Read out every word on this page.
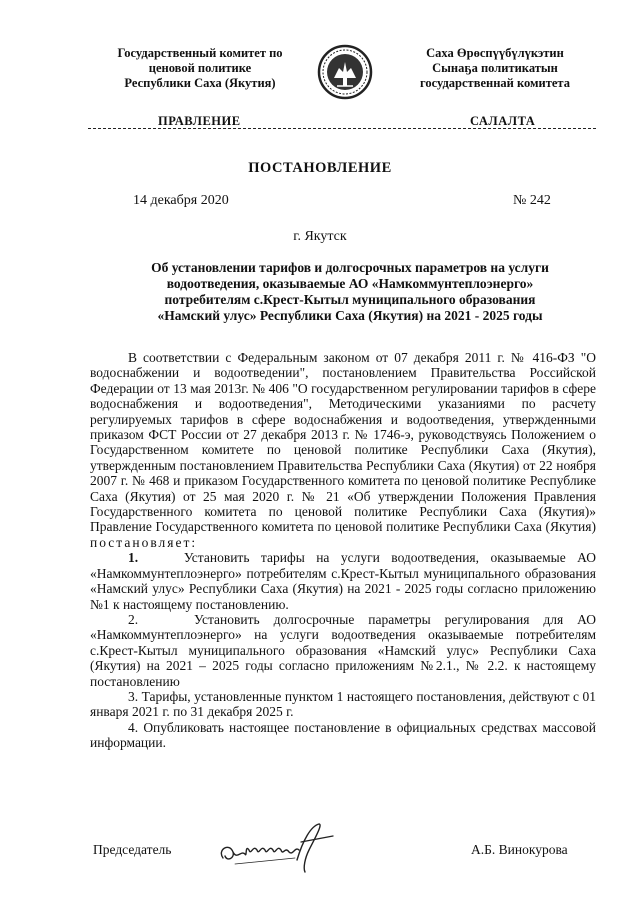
Государственный комитет по
ценовой политике
Республики Саха (Якутия)
Саха Өрөспүүбүлүкэтин
Сынаҕа политикатын
государственнай комитета
ПРАВЛЕНИЕ	САЛАЛТА
ПОСТАНОВЛЕНИЕ
14 декабря 2020	№ 242
г. Якутск
Об установлении тарифов и долгосрочных параметров на услуги
водоотведения, оказываемые АО «Намкоммунтеплоэнерго»
потребителям с.Крест-Кытыл муниципального образования
«Намский улус» Республики Саха (Якутия) на 2021 - 2025 годы

В соответствии с Федеральным законом от 07 декабря 2011 г. № 416-ФЗ "О водоснабжении и водоотведении", постановлением Правительства Российской Федерации от 13 мая 2013г. № 406 "О государственном регулировании тарифов в сфере водоснабжения и водоотведения", Методическими указаниями по расчету регулируемых тарифов в сфере водоснабжения и водоотведения, утвержденными приказом ФСТ России от 27 декабря 2013 г. № 1746-э, руководствуясь Положением о Государственном комитете по ценовой политике Республики Саха (Якутия), утвержденным постановлением Правительства Республики Саха (Якутия) от 22 ноября 2007 г. № 468 и приказом Государственного комитета по ценовой политике Республике Саха (Якутия) от 25 мая 2020 г. № 21 «Об утверждении Положения Правления Государственного комитета по ценовой политике Республики Саха (Якутия)» Правление Государственного комитета по ценовой политике Республики Саха (Якутия) постановляет:

1.	Установить тарифы на услуги водоотведения, оказываемые АО «Намкоммунтеплоэнерго» потребителям с.Крест-Кытыл муниципального образования «Намский улус» Республики Саха (Якутия) на 2021 - 2025 годы согласно приложению №1 к настоящему постановлению.

2.	Установить долгосрочные параметры регулирования для АО «Намкоммунтеплоэнерго» на услуги водоотведения оказываемые потребителям с.Крест-Кытыл муниципального образования «Намский улус» Республики Саха (Якутия) на 2021 – 2025 годы согласно приложениям №2.1., № 2.2. к настоящему постановлению

3. Тарифы, установленные пунктом 1 настоящего постановления, действуют с 01 января 2021 г. по 31 декабря 2025 г.

4. Опубликовать настоящее постановление в официальных средствах массовой информации.

Председатель	А.Б. Винокурова
